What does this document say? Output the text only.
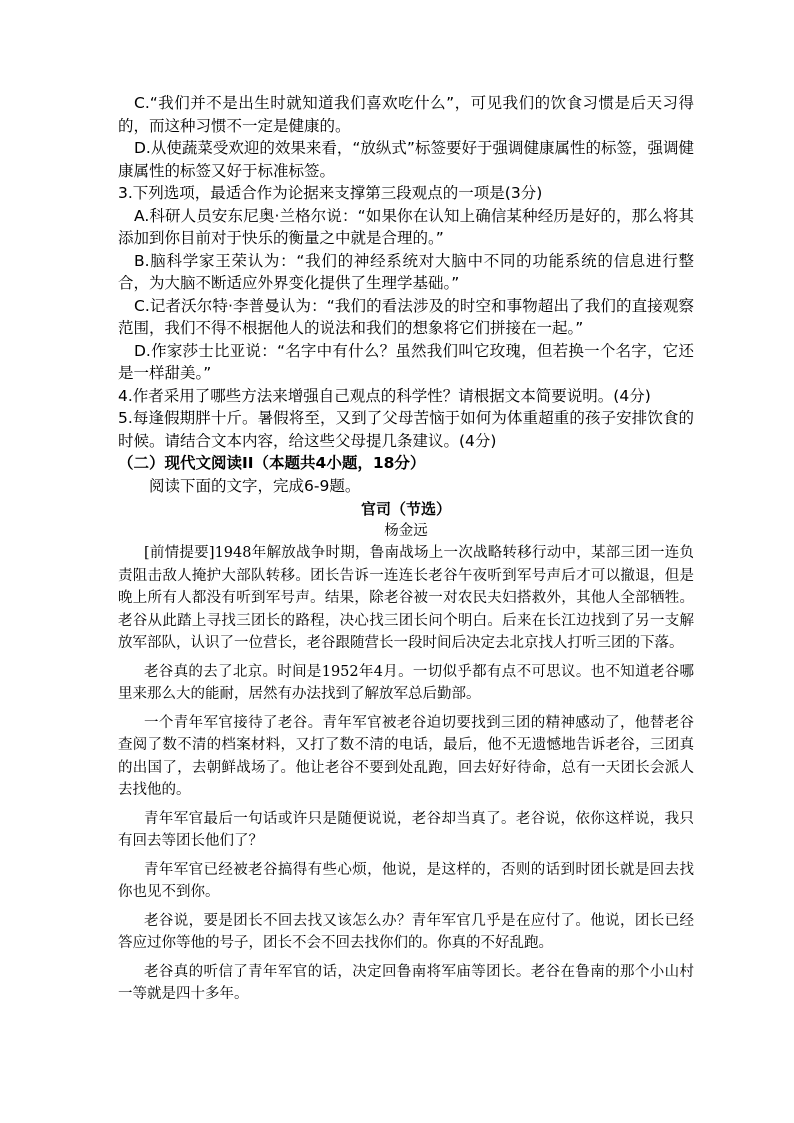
C.“我们并不是出生时就知道我们喜欢吃什么”，可见我们的饮食习惯是后天习得的，而这种习惯不一定是健康的。

D.从使蔬菜受欢迎的效果来看，“放纵式”标签要好于强调健康属性的标签，强调健康属性的标签又好于标准标签。

3.下列选项，最适合作为论据来支撑第三段观点的一项是(3分)

A.科研人员安东尼奥·兰格尔说：“如果你在认知上确信某种经历是好的，那么将其添加到你目前对于快乐的衡量之中就是合理的。”

B.脑科学家王荣认为：“我们的神经系统对大脑中不同的功能系统的信息进行整合，为大脑不断适应外界变化提供了生理学基础。”

C.记者沃尔特·李普曼认为：“我们的看法涉及的时空和事物超出了我们的直接观察范围，我们不得不根据他人的说法和我们的想象将它们拼接在一起。”

D.作家莎士比亚说：“名字中有什么？虽然我们叫它玫瑰，但若换一个名字，它还是一样甜美。”

4.作者采用了哪些方法来增强自己观点的科学性？请根据文本简要说明。(4分)

5.每逢假期胖十斤。暑假将至，又到了父母苦恼于如何为体重超重的孩子安排饮食的时候。请结合文本内容，给这些父母提几条建议。(4分)

（二）现代文阅读II（本题共4小题，18分）

阅读下面的文字，完成6-9题。

官司（节选）

杨金远

[前情提要]1948年解放战争时期，鲁南战场上一次战略转移行动中，某部三团一连负责阻击敌人掩护大部队转移。团长告诉一连连长老谷午夜听到军号声后才可以撤退，但是晚上所有人都没有听到军号声。结果，除老谷被一对农民夫妇搭救外，其他人全部牺牲。老谷从此踏上寻找三团长的路程，决心找三团长问个明白。后来在长江边找到了另一支解放军部队，认识了一位营长，老谷跟随营长一段时间后决定去北京找人打听三团的下落。

老谷真的去了北京。时间是1952年4月。一切似乎都有点不可思议。也不知道老谷哪里来那么大的能耐，居然有办法找到了解放军总后勤部。

一个青年军官接待了老谷。青年军官被老谷迫切要找到三团的精神感动了，他替老谷查阅了数不清的档案材料，又打了数不清的电话，最后，他不无遗憾地告诉老谷，三团真的出国了，去朝鲜战场了。他让老谷不要到处乱跑，回去好好待命，总有一天团长会派人去找他的。

青年军官最后一句话或许只是随便说说，老谷却当真了。老谷说，依你这样说，我只有回去等团长他们了？

青年军官已经被老谷搞得有些心烦，他说，是这样的，否则的话到时团长就是回去找你也见不到你。

老谷说，要是团长不回去找又该怎么办？青年军官几乎是在应付了。他说，团长已经答应过你等他的号子，团长不会不回去找你们的。你真的不好乱跑。

老谷真的听信了青年军官的话，决定回鲁南将军庙等团长。老谷在鲁南的那个小山村一等就是四十多年。
